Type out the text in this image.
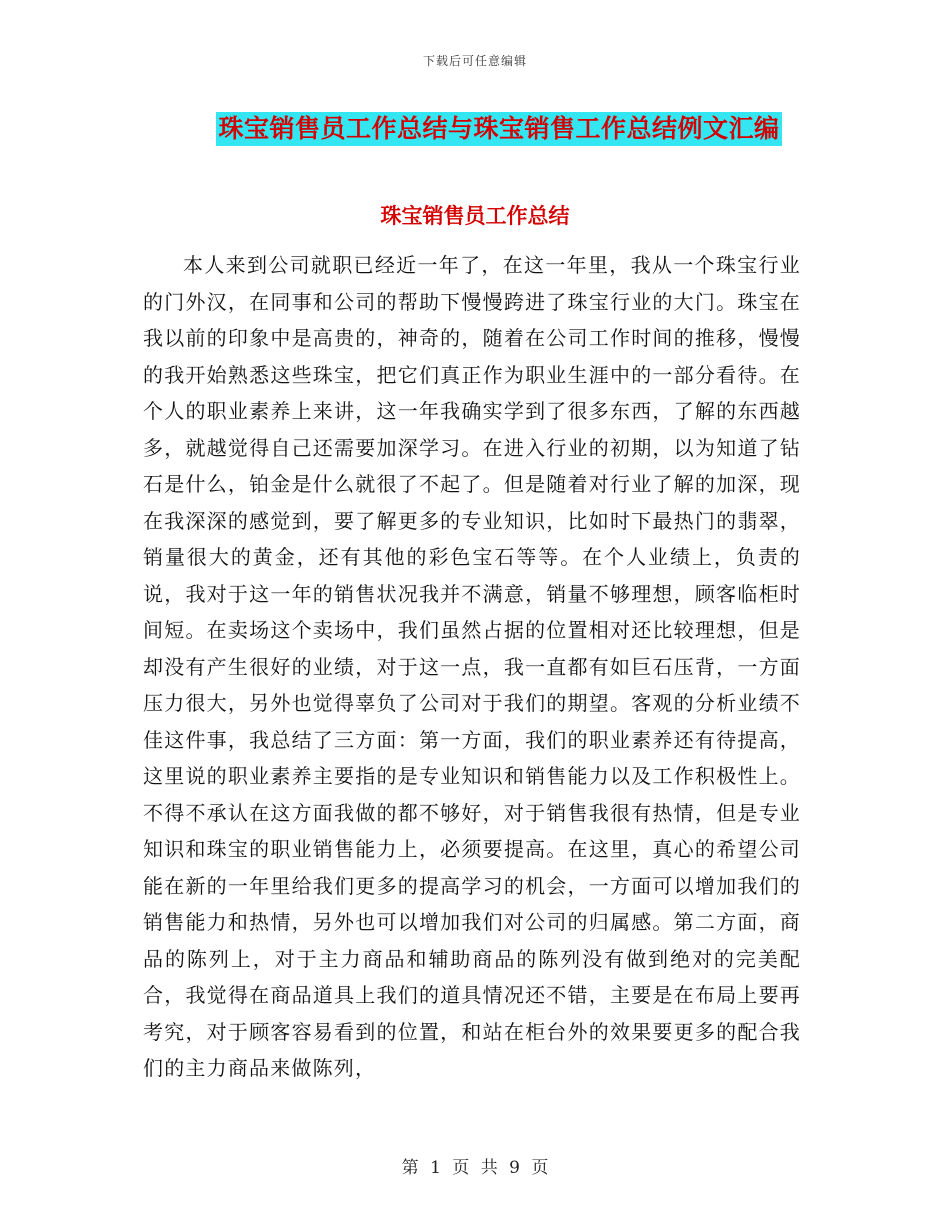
下载后可任意编辑
珠宝销售员工作总结与珠宝销售工作总结例文汇编
珠宝销售员工作总结

本人来到公司就职已经近一年了，在这一年里，我从一个珠宝行业的门外汉，在同事和公司的帮助下慢慢跨进了珠宝行业的大门。珠宝在我以前的印象中是高贵的，神奇的，随着在公司工作时间的推移，慢慢的我开始熟悉这些珠宝，把它们真正作为职业生涯中的一部分看待。在个人的职业素养上来讲，这一年我确实学到了很多东西，了解的东西越多，就越觉得自己还需要加深学习。在进入行业的初期，以为知道了钻石是什么，铂金是什么就很了不起了。但是随着对行业了解的加深，现在我深深的感觉到，要了解更多的专业知识，比如时下最热门的翡翠，销量很大的黄金，还有其他的彩色宝石等等。在个人业绩上，负责的说，我对于这一年的销售状况我并不满意，销量不够理想，顾客临柜时间短。在卖场这个卖场中，我们虽然占据的位置相对还比较理想，但是却没有产生很好的业绩，对于这一点，我一直都有如巨石压背，一方面压力很大，另外也觉得辜负了公司对于我们的期望。客观的分析业绩不佳这件事，我总结了三方面：第一方面，我们的职业素养还有待提高，这里说的职业素养主要指的是专业知识和销售能力以及工作积极性上。不得不承认在这方面我做的都不够好，对于销售我很有热情，但是专业知识和珠宝的职业销售能力上，必须要提高。在这里，真心的希望公司能在新的一年里给我们更多的提高学习的机会，一方面可以增加我们的销售能力和热情，另外也可以增加我们对公司的归属感。第二方面，商品的陈列上，对于主力商品和辅助商品的陈列没有做到绝对的完美配合，我觉得在商品道具上我们的道具情况还不错，主要是在布局上要再考究，对于顾客容易看到的位置，和站在柜台外的效果要更多的配合我们的主力商品来做陈列，

第 1 页 共 9 页
